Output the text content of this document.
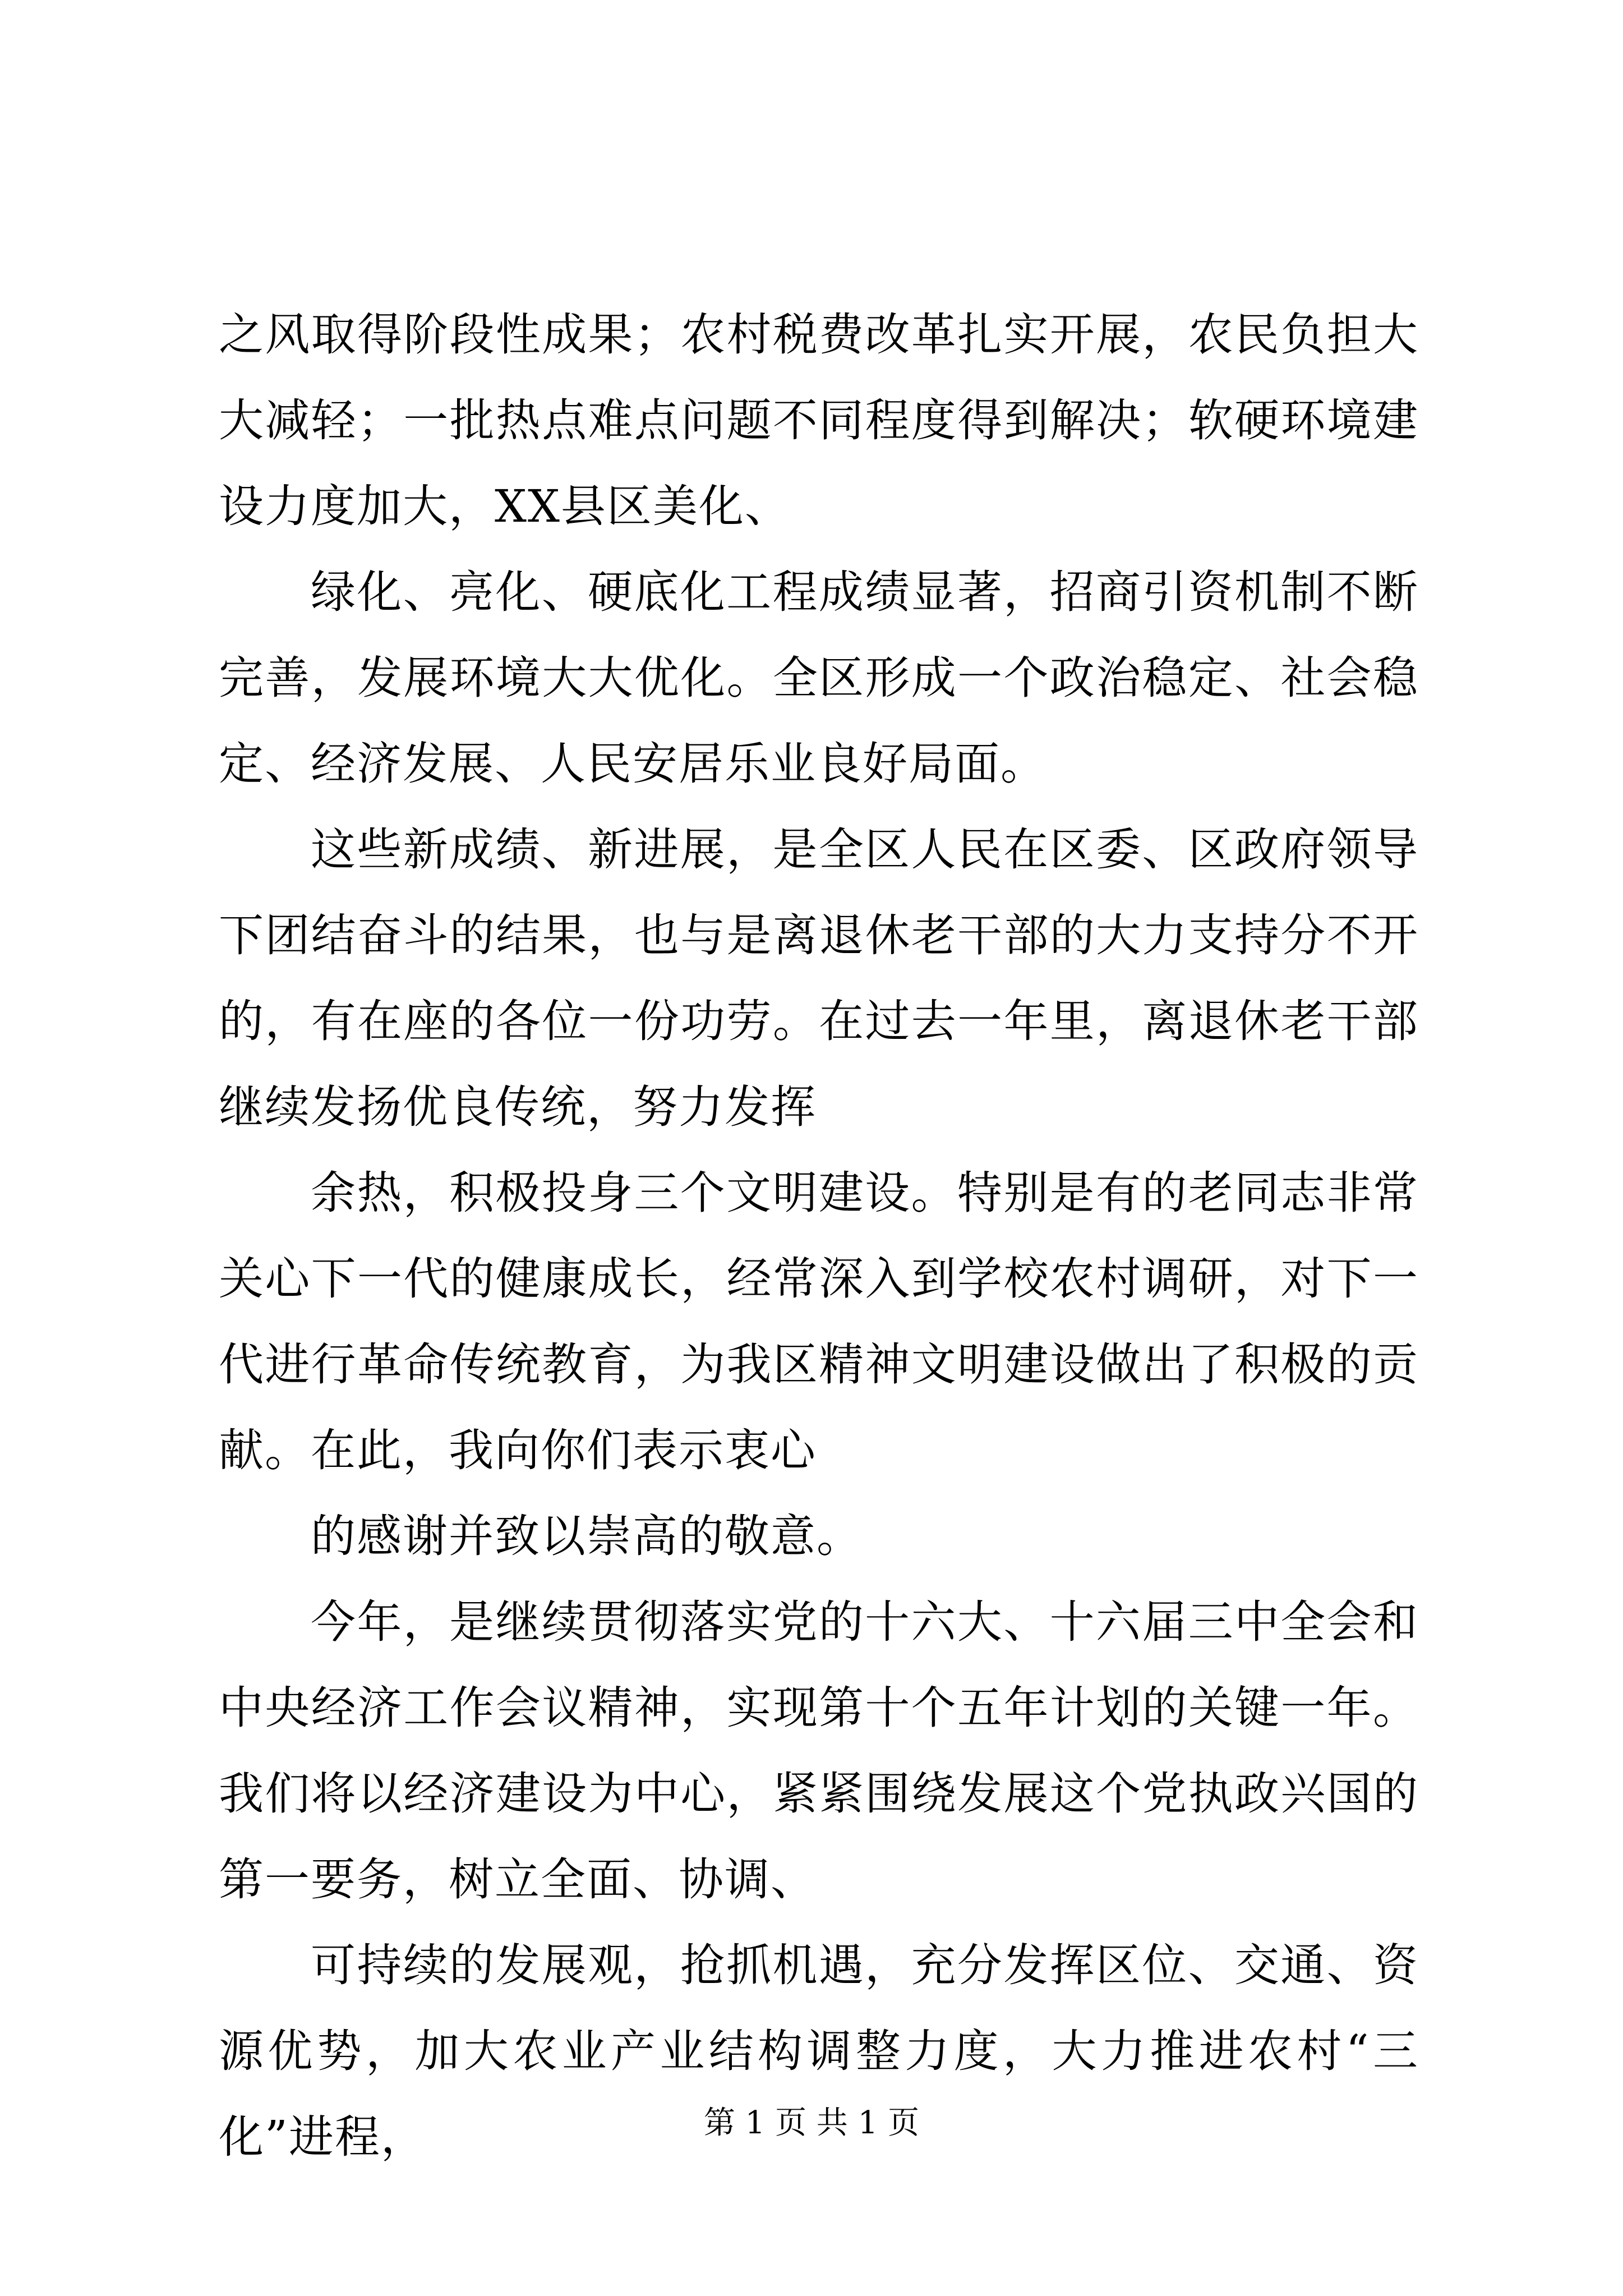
之风取得阶段性成果；农村税费改革扎实开展，农民负担大大减轻；一批热点难点问题不同程度得到解决；软硬环境建设力度加大，XX县区美化、

绿化、亮化、硬底化工程成绩显著，招商引资机制不断完善，发展环境大大优化。全区形成一个政治稳定、社会稳定、经济发展、人民安居乐业良好局面。

这些新成绩、新进展，是全区人民在区委、区政府领导下团结奋斗的结果，也与是离退休老干部的大力支持分不开的，有在座的各位一份功劳。在过去一年里，离退休老干部继续发扬优良传统，努力发挥

余热，积极投身三个文明建设。特别是有的老同志非常关心下一代的健康成长，经常深入到学校农村调研，对下一代进行革命传统教育，为我区精神文明建设做出了积极的贡献。在此，我向你们表示衷心

的感谢并致以崇高的敬意。

今年，是继续贯彻落实党的十六大、十六届三中全会和中央经济工作会议精神，实现第十个五年计划的关键一年。我们将以经济建设为中心，紧紧围绕发展这个党执政兴国的第一要务，树立全面、协调、

可持续的发展观，抢抓机遇，充分发挥区位、交通、资源优势，加大农业产业结构调整力度，大力推进农村“三化”进程，	第 1 页 共 1 页
